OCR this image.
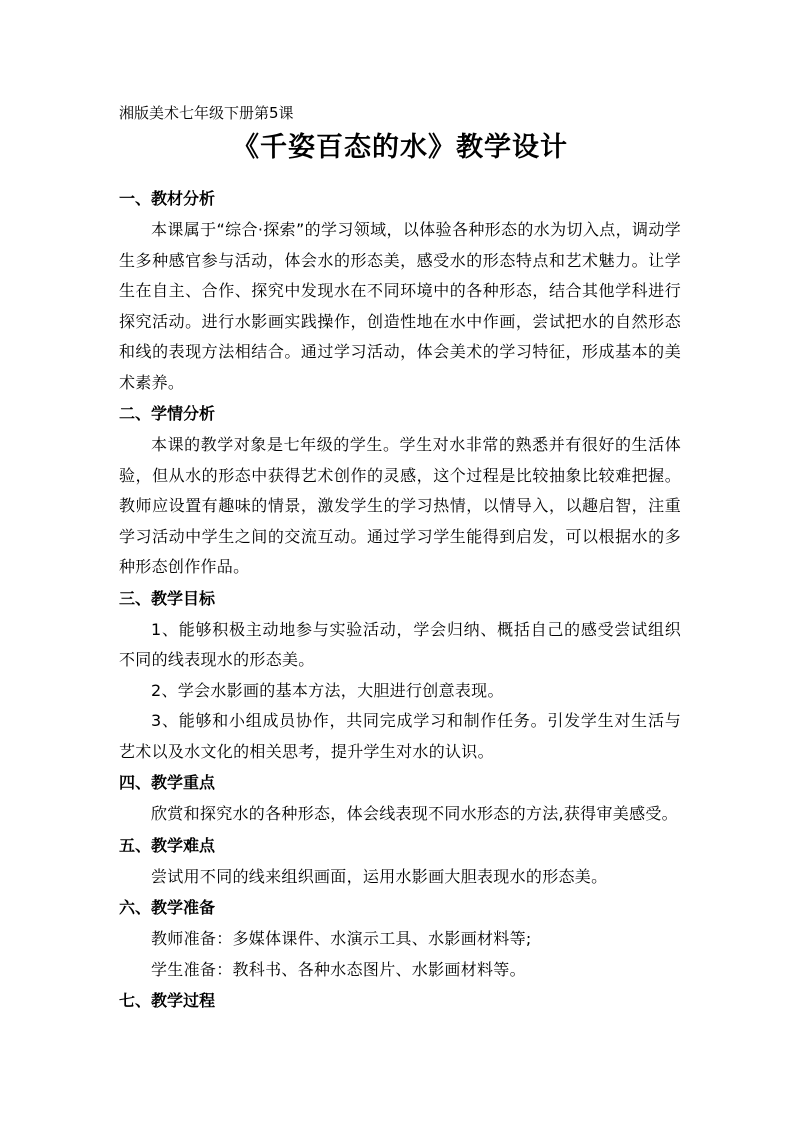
湘版美术七年级下册第5课

《千姿百态的水》教学设计

一、教材分析

本课属于“综合·探索”的学习领域，以体验各种形态的水为切入点，调动学生多种感官参与活动，体会水的形态美，感受水的形态特点和艺术魅力。让学生在自主、合作、探究中发现水在不同环境中的各种形态，结合其他学科进行探究活动。进行水影画实践操作，创造性地在水中作画，尝试把水的自然形态和线的表现方法相结合。通过学习活动，体会美术的学习特征，形成基本的美术素养。

二、学情分析

本课的教学对象是七年级的学生。学生对水非常的熟悉并有很好的生活体验，但从水的形态中获得艺术创作的灵感，这个过程是比较抽象比较难把握。教师应设置有趣味的情景，激发学生的学习热情，以情导入，以趣启智，注重学习活动中学生之间的交流互动。通过学习学生能得到启发，可以根据水的多种形态创作作品。

三、教学目标

1、能够积极主动地参与实验活动，学会归纳、概括自己的感受尝试组织不同的线表现水的形态美。

2、学会水影画的基本方法，大胆进行创意表现。

3、能够和小组成员协作，共同完成学习和制作任务。引发学生对生活与艺术以及水文化的相关思考，提升学生对水的认识。

四、教学重点

欣赏和探究水的各种形态，体会线表现不同水形态的方法,获得审美感受。

五、教学难点

尝试用不同的线来组织画面，运用水影画大胆表现水的形态美。

六、教学准备

教师准备：多媒体课件、水演示工具、水影画材料等;

学生准备：教科书、各种水态图片、水影画材料等。

七、教学过程
